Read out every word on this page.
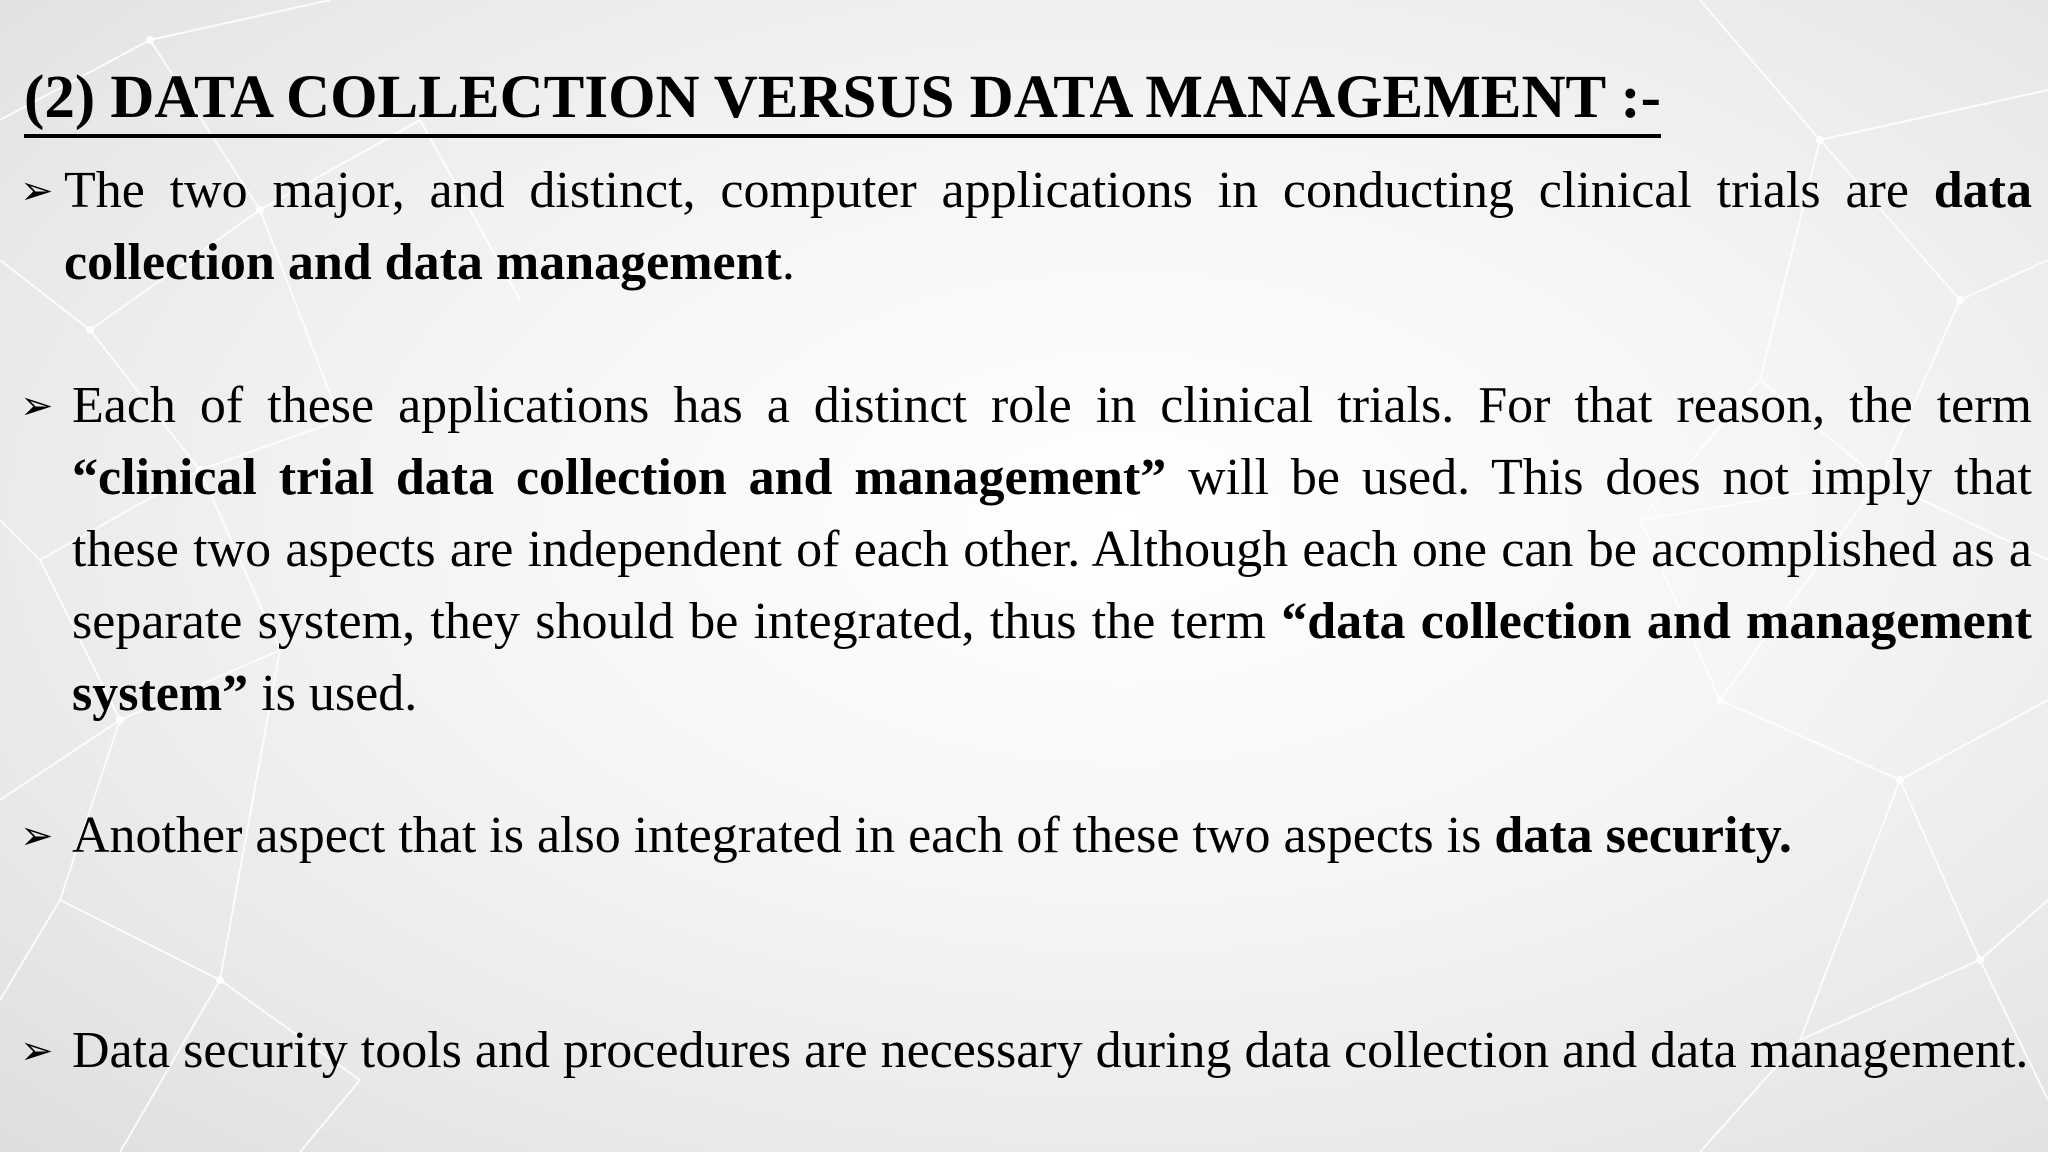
(2) DATA COLLECTION VERSUS DATA MANAGEMENT :-
➢ The two major, and distinct, computer applications in conducting clinical trials are data collection and data management.

➢ Each of these applications has a distinct role in clinical trials. For that reason, the term “clinical trial data collection and management” will be used. This does not imply that these two aspects are independent of each other. Although each one can be accomplished as a separate system, they should be integrated, thus the term “data collection and management system” is used.

➢ Another aspect that is also integrated in each of these two aspects is data security.

➢ Data security tools and procedures are necessary during data collection and data management.
